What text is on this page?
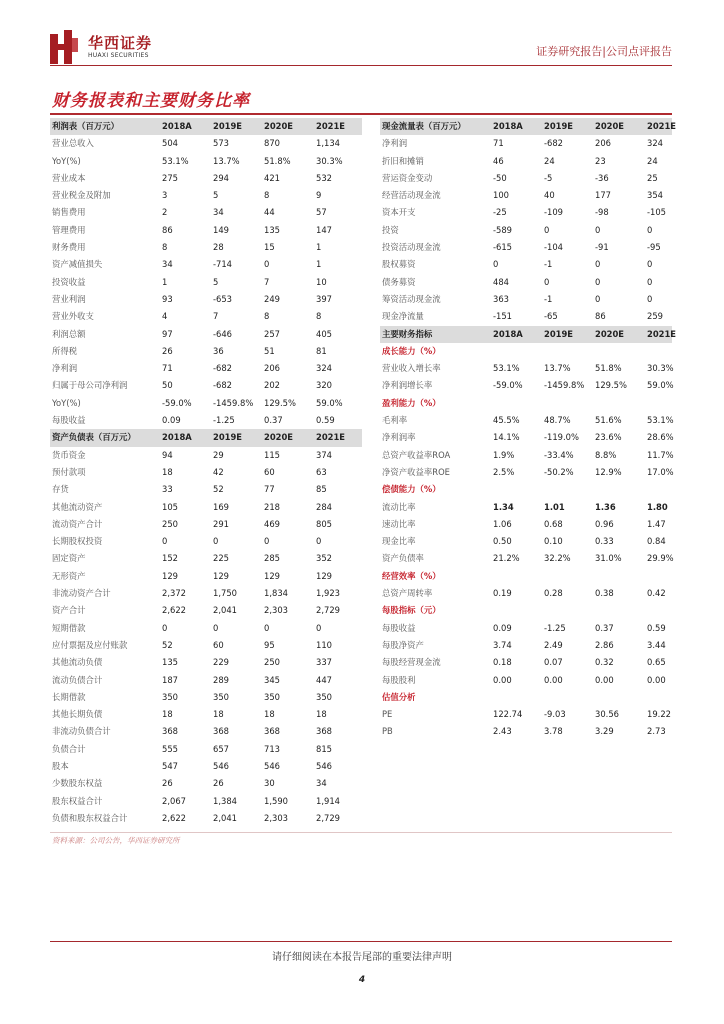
华西证券
HUAXI SECURITIES	证券研究报告|公司点评报告
财务报表和主要财务比率
利润表（百万元）	2018A	2019E	2020E	2021E
营业总收入	504	573	870	1,134
YoY(%)	53.1%	13.7%	51.8%	30.3%
营业成本	275	294	421	532
营业税金及附加	3	5	8	9
销售费用	2	34	44	57
管理费用	86	149	135	147
财务费用	8	28	15	1
资产减值损失	34	-714	0	1
投资收益	1	5	7	10
营业利润	93	-653	249	397
营业外收支	4	7	8	8
利润总额	97	-646	257	405
所得税	26	36	51	81
净利润	71	-682	206	324
归属于母公司净利润	50	-682	202	320
YoY(%)	-59.0%	-1459.8% 129.5% 59.0%
每股收益	0.09	-1.25	0.37	0.59
资产负债表（百万元）	2018A	2019E	2020E	2021E
货币资金	94	29	115	374
预付款项	18	42	60	63
存货	33	52	77	85
其他流动资产	105	169	218	284
流动资产合计	250	291	469	805
长期股权投资	0	0	0	0
固定资产	152	225	285	352
无形资产	129	129	129	129
非流动资产合计	2,372	1,750	1,834	1,923
资产合计	2,622	2,041	2,303	2,729
短期借款	0	0	0	0
应付票据及应付账款	52	60	95	110
其他流动负债	135	229	250	337
流动负债合计	187	289	345	447
长期借款	350	350	350	350
其他长期负债	18	18	18	18
非流动负债合计	368	368	368	368
负债合计	555	657	713	815
股本	547	546	546	546
少数股东权益	26	26	30	34
股东权益合计	2,067	1,384	1,590	1,914
负债和股东权益合计	2,622	2,041	2,303	2,729
现金流量表（百万元）	2018A	2019E	2020E	2021E
净利润	71	-682	206	324
折旧和摊销	46	24	23	24
营运资金变动	-50	-5	-36	25
经营活动现金流	100	40	177	354
资本开支	-25	-109	-98	-105
投资	-589	0	0	0
投资活动现金流	-615	-104	-91	-95
股权募资	0	-1	0	0
债务募资	484	0	0	0
筹资活动现金流	363	-1	0	0
现金净流量	-151	-65	86	259
主要财务指标	2018A	2019E	2020E	2021E
成长能力（%）
营业收入增长率	53.1%	13.7%	51.8%	30.3%
净利润增长率	-59.0%	-1459.8% 129.5% 59.0%
盈利能力（%）
毛利率	45.5%	48.7%	51.6%	53.1%
净利润率	14.1%	-119.0% 23.6%	28.6%
总资产收益率ROA	1.9%	-33.4%	8.8%	11.7%
净资产收益率ROE	2.5%	-50.2%	12.9%	17.0%
偿债能力（%）
流动比率	1.34	1.01	1.36	1.80
速动比率	1.06	0.68	0.96	1.47
现金比率	0.50	0.10	0.33	0.84
资产负债率	21.2%	32.2%	31.0%	29.9%
经营效率（%）
总资产周转率	0.19	0.28	0.38	0.42
每股指标（元）
每股收益	0.09	-1.25	0.37	0.59
每股净资产	3.74	2.49	2.86	3.44
每股经营现金流	0.18	0.07	0.32	0.65
每股股利	0.00	0.00	0.00	0.00
估值分析
PE	122.74	-9.03	30.56	19.22
PB	2.43	3.78	3.29	2.73
资料来源：公司公告，华西证券研究所
请仔细阅读在本报告尾部的重要法律声明
4
